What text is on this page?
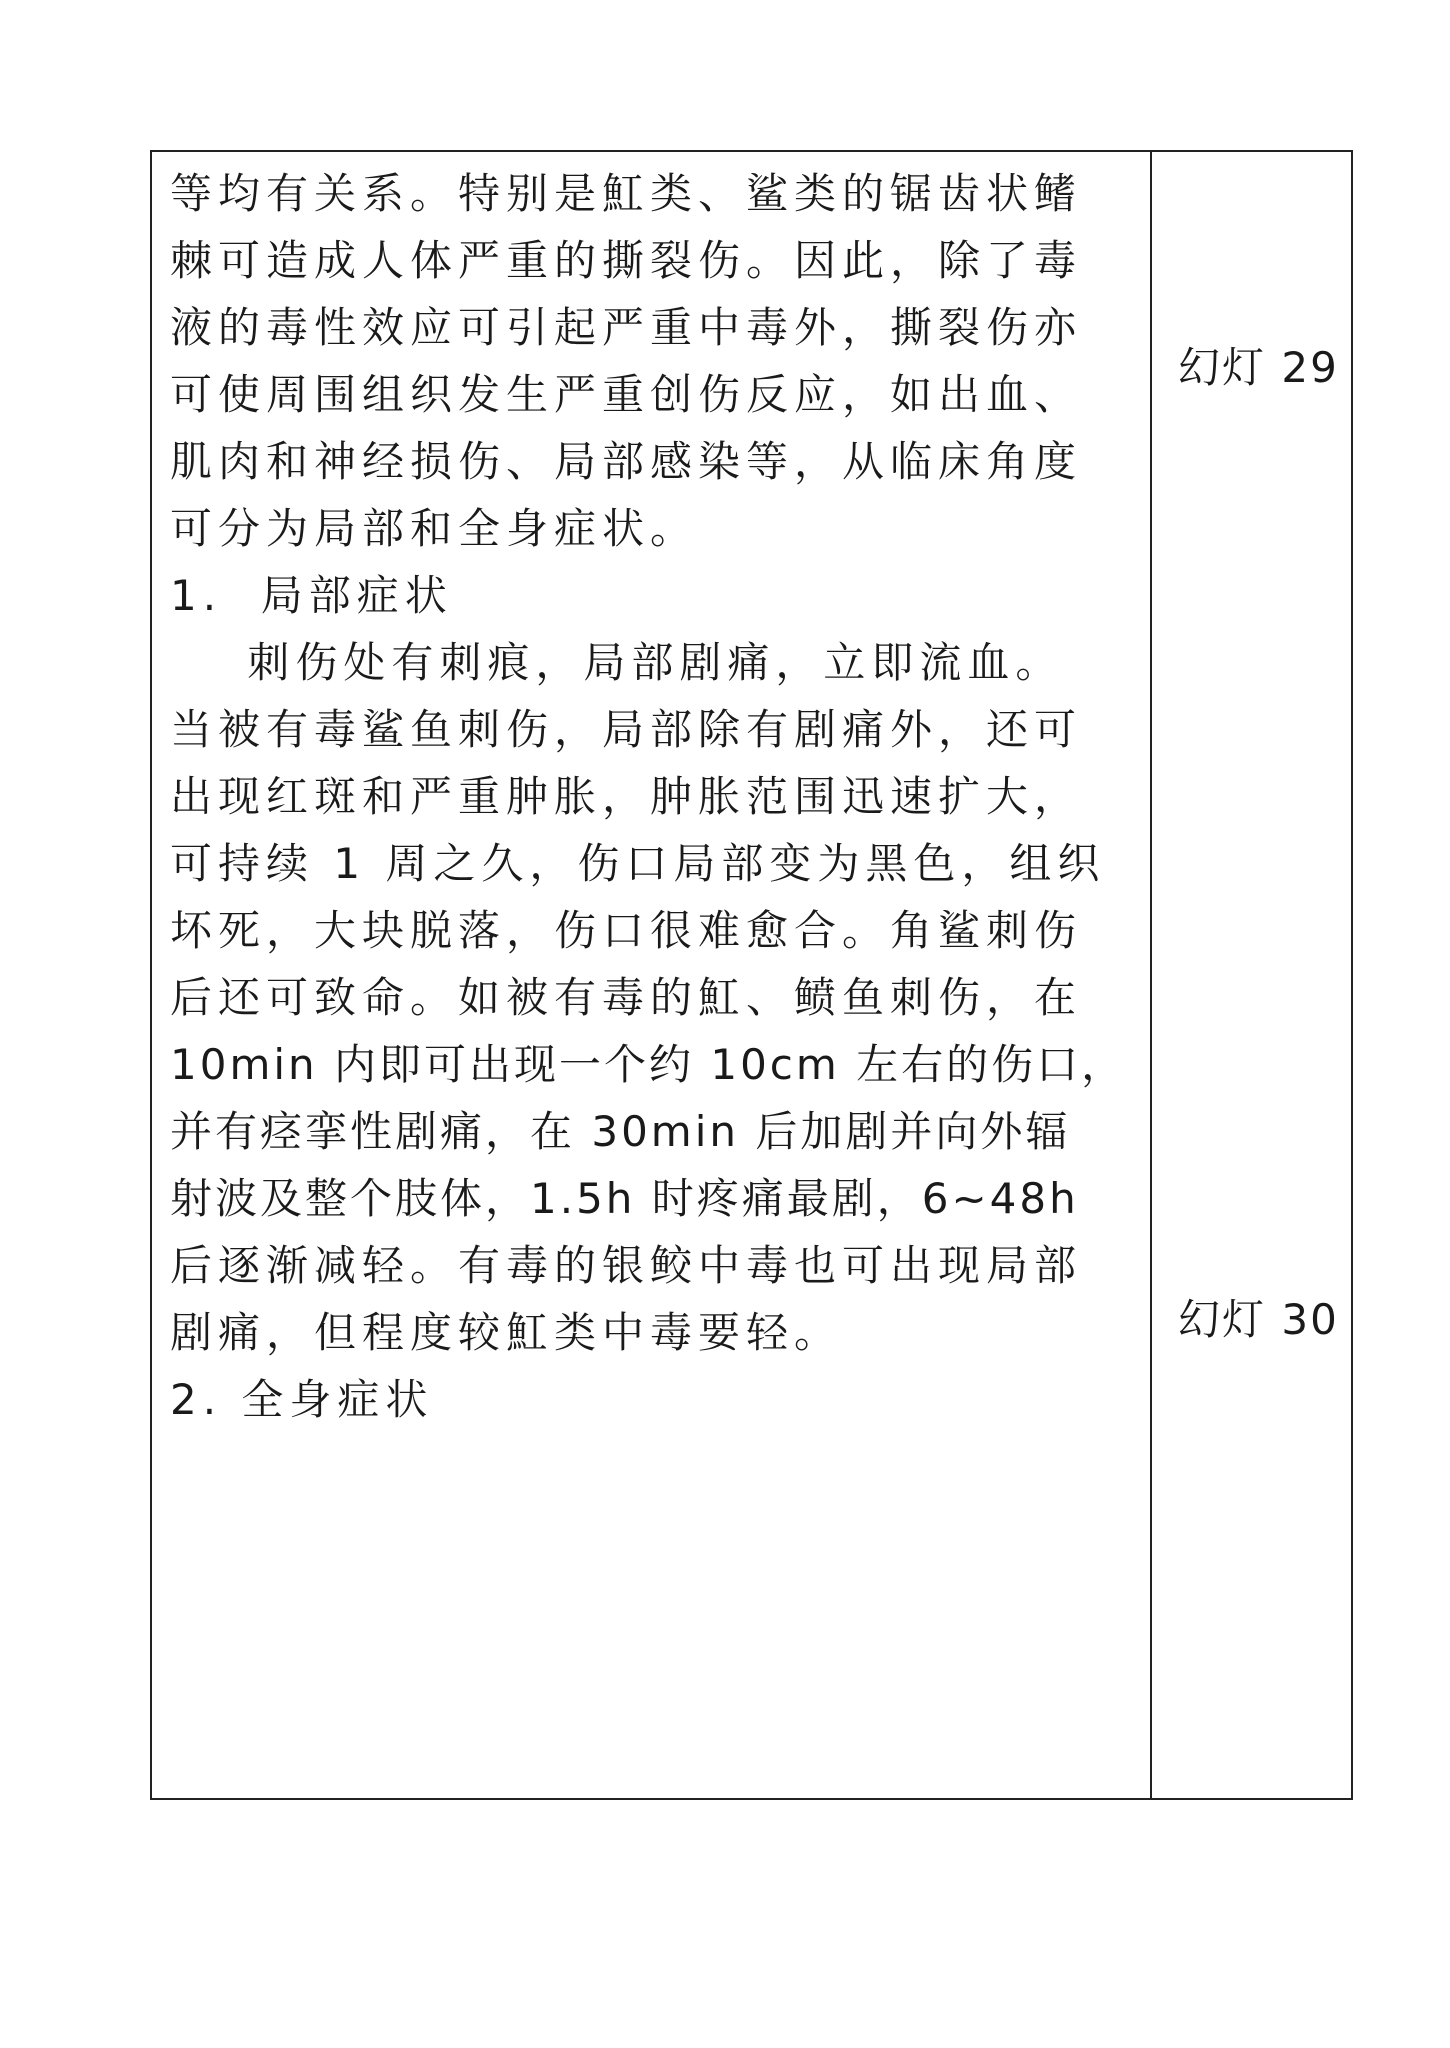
等均有关系。特别是魟类、鲨类的锯齿状鳍
棘可造成人体严重的撕裂伤。因此，除了毒
液的毒性效应可引起严重中毒外，撕裂伤亦
可使周围组织发生严重创伤反应，如出血、
肌肉和神经损伤、局部感染等，从临床角度
可分为局部和全身症状。
1.  局部症状
刺伤处有刺痕，局部剧痛，立即流血。
当被有毒鲨鱼刺伤，局部除有剧痛外，还可
出现红斑和严重肿胀，肿胀范围迅速扩大，
可持续 1 周之久，伤口局部变为黑色，组织
坏死，大块脱落，伤口很难愈合。角鲨刺伤
后还可致命。如被有毒的魟、鲼鱼刺伤，在
10min 内即可出现一个约 10cm 左右的伤口，
并有痉挛性剧痛，在 30min 后加剧并向外辐
射波及整个肢体，1.5h 时疼痛最剧，6~48h
后逐渐减轻。有毒的银鲛中毒也可出现局部
剧痛，但程度较魟类中毒要轻。
2. 全身症状
幻灯 29
幻灯 30
